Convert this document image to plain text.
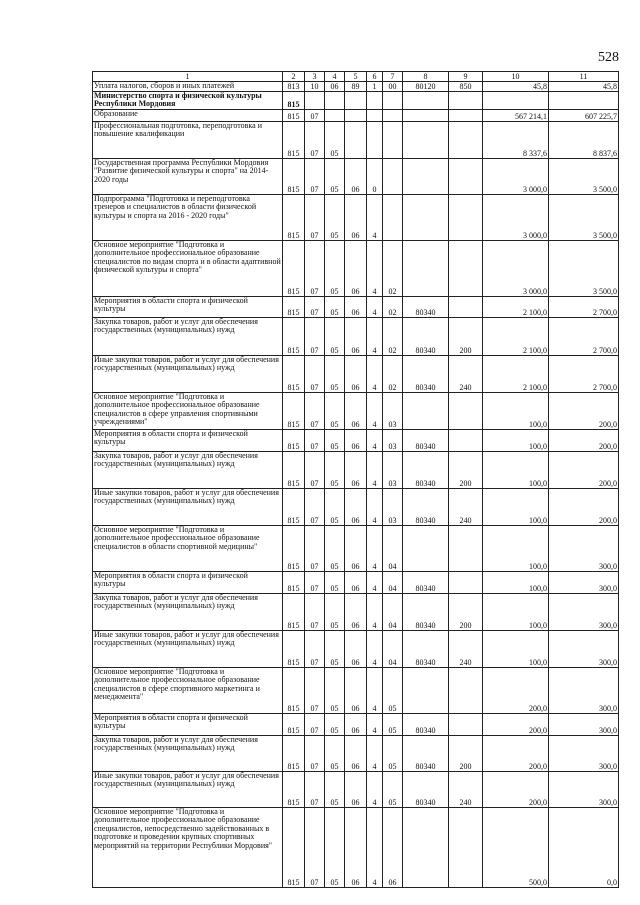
528
1	2	3	4	5	6	7	8	9	10	11
Уплата налогов, сборов и иных платежей	813	10	06	89	1	00	80120	850	45,8	45,8
Министерство спорта и физической культуры Республики Мордовия	815									
Образование	815	07							567 214,1	607 225,7
Профессиональная подготовка, переподготовка и повышение квалификации	815	07	05						8 337,6	8 837,6
Государственная программа Республики Мордовия "Развитие физической культуры и спорта" на 2014-2020 годы	815	07	05	06	0				3 000,0	3 500,0
Подпрограмма "Подготовка и переподготовка тренеров и специалистов в области физической культуры и спорта на 2016 - 2020 годы"	815	07	05	06	4				3 000,0	3 500,0
Основное мероприятие "Подготовка и дополнительное профессиональное образование специалистов по видам спорта и в области адаптивной физической культуры и спорта"	815	07	05	06	4	02			3 000,0	3 500,0
Мероприятия в области спорта и физической культуры	815	07	05	06	4	02	80340		2 100,0	2 700,0
Закупка товаров, работ и услуг для обеспечения государственных (муниципальных) нужд	815	07	05	06	4	02	80340	200	2 100,0	2 700,0
Иные закупки товаров, работ и услуг для обеспечения государственных (муниципальных) нужд	815	07	05	06	4	02	80340	240	2 100,0	2 700,0
Основное мероприятие "Подготовка и дополнительное профессиональное образование специалистов в сфере управления спортивными учреждениями"	815	07	05	06	4	03			100,0	200,0
Мероприятия в области спорта и физической культуры	815	07	05	06	4	03	80340		100,0	200,0
Закупка товаров, работ и услуг для обеспечения государственных (муниципальных) нужд	815	07	05	06	4	03	80340	200	100,0	200,0
Иные закупки товаров, работ и услуг для обеспечения государственных (муниципальных) нужд	815	07	05	06	4	03	80340	240	100,0	200,0
Основное мероприятие "Подготовка и дополнительное профессиональное образование специалистов в области спортивной медицины"	815	07	05	06	4	04			100,0	300,0
Мероприятия в области спорта и физической культуры	815	07	05	06	4	04	80340		100,0	300,0
Закупка товаров, работ и услуг для обеспечения государственных (муниципальных) нужд	815	07	05	06	4	04	80340	200	100,0	300,0
Иные закупки товаров, работ и услуг для обеспечения государственных (муниципальных) нужд	815	07	05	06	4	04	80340	240	100,0	300,0
Основное мероприятие "Подготовка и дополнительное профессиональное образование специалистов в сфере спортивного маркетинга и менеджмента"	815	07	05	06	4	05			200,0	300,0
Мероприятия в области спорта и физической культуры	815	07	05	06	4	05	80340		200,0	300,0
Закупка товаров, работ и услуг для обеспечения государственных (муниципальных) нужд	815	07	05	06	4	05	80340	200	200,0	300,0
Иные закупки товаров, работ и услуг для обеспечения государственных (муниципальных) нужд	815	07	05	06	4	05	80340	240	200,0	300,0
Основное мероприятие "Подготовка и дополнительное профессиональное образование специалистов, непосредственно задействованных в подготовке и проведении крупных спортивных мероприятий на территории Республики Мордовия"	815	07	05	06	4	06			500,0	0,0
